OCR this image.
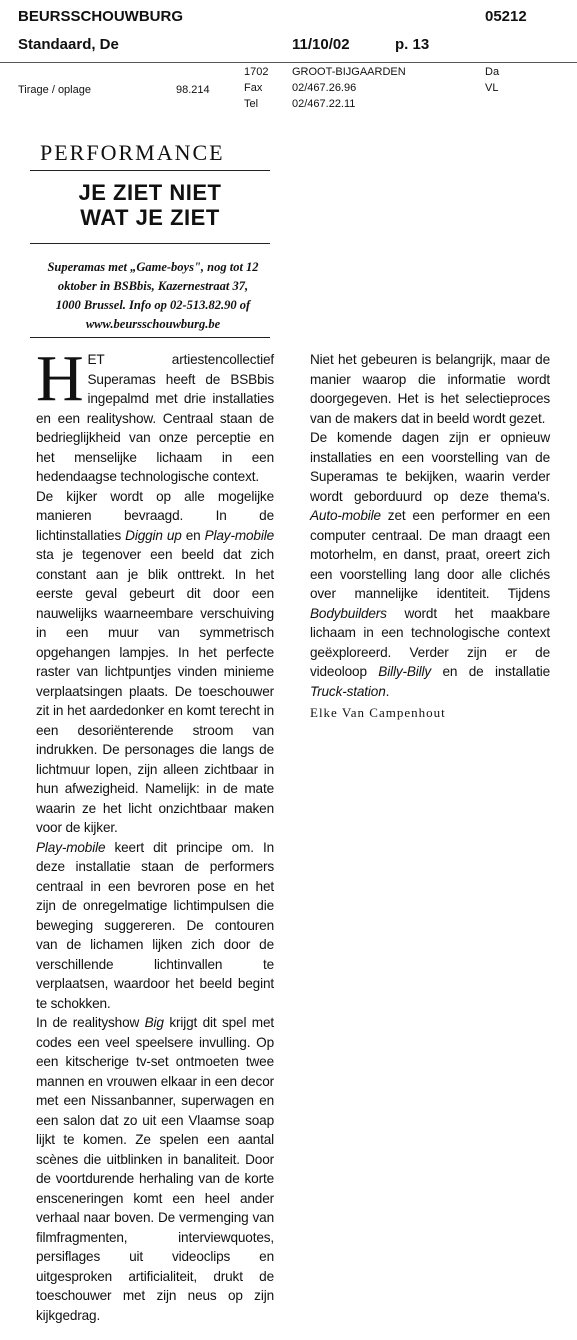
BEURSSCHOUWBURG	05212
Standaard, De	11/10/02	p. 13
1702 GROOT-BIJGAARDEN	Da
Tirage / oplage	98.214	Fax	02/467.26.96	VL
Tel	02/467.22.11
PERFORMANCE
JE ZIET NIET
WAT JE ZIET
Superamas met „Game-boys", nog tot 12
oktober in BSBbis, Kazernestraat 37,
1000 Brussel. Info op 02-513.82.90 of
www.beursschouwburg.be

HET artiestencollectief Superamas heeft de BSBbis ingepalmd met drie installaties en een realityshow. Centraal staan de bedrieglijkheid van onze perceptie en het menselijke lichaam in een hedendaagse technologische context.

De kijker wordt op alle mogelijke manieren bevraagd. In de lichtinstallaties Diggin up en Play-mobile sta je tegenover een beeld dat zich constant aan je blik onttrekt. In het eerste geval gebeurt dit door een nauwelijks waarneembare verschuiving in een muur van symmetrisch opgehangen lampjes. In het perfecte raster van lichtpuntjes vinden minieme verplaatsingen plaats. De toeschouwer zit in het aardedonker en komt terecht in een desoriënterende stroom van indrukken. De personages die langs de lichtmuur lopen, zijn alleen zichtbaar in hun afwezigheid. Namelijk: in de mate waarin ze het licht onzichtbaar maken voor de kijker.

Play-mobile keert dit principe om. In deze installatie staan de performers centraal in een bevroren pose en het zijn de onregelmatige lichtimpulsen die beweging suggereren. De contouren van de lichamen lijken zich door de verschillende lichtinvallen te verplaatsen, waardoor het beeld begint te schokken.

In de realityshow Big krijgt dit spel met codes een veel speelsere invulling. Op een kitscherige tv-set ontmoeten twee mannen en vrouwen elkaar in een decor met een Nissanbanner, superwagen en een salon dat zo uit een Vlaamse soap lijkt te komen. Ze spelen een aantal scènes die uitblinken in banaliteit. Door de voortdurende herhaling van de korte ensceneringen komt een heel ander verhaal naar boven. De vermenging van filmfragmenten, interviewquotes, persiflages uit videoclips en uitgesproken artificialiteit, drukt de toeschouwer met zijn neus op zijn kijkgedrag.

Niet het gebeuren is belangrijk, maar de manier waarop die informatie wordt doorgegeven. Het is het selectieproces van de makers dat in beeld wordt gezet.

De komende dagen zijn er opnieuw installaties en een voorstelling van de Superamas te bekijken, waarin verder wordt geborduurd op deze thema's. Auto-mobile zet een performer en een computer centraal. De man draagt een motorhelm, en danst, praat, oreert zich een voorstelling lang door alle clichés over mannelijke identiteit. Tijdens Bodybuilders wordt het maakbare lichaam in een technologische context geëxploreerd. Verder zijn er de videoloop Billy-Billy en de installatie Truck-station.

Elke Van Campenhout
